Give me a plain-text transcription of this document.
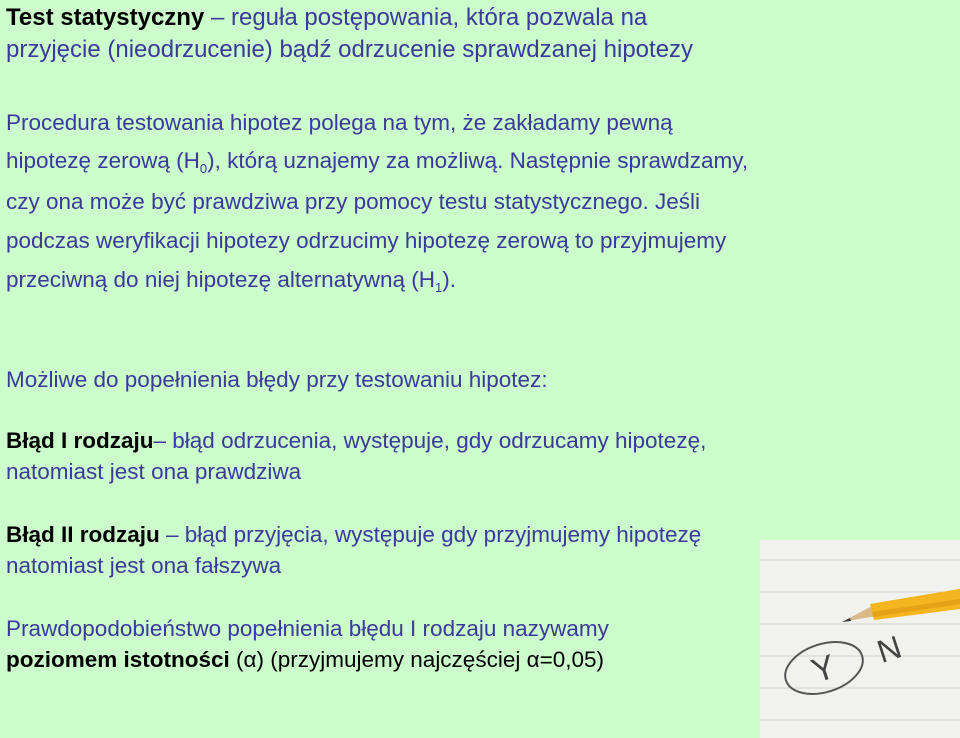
Test statystyczny – reguła postępowania, która pozwala na
przyjęcie (nieodrzucenie) bądź odrzucenie sprawdzanej hipotezy

Procedura testowania hipotez polega na tym, że zakładamy pewną

hipotezę zerową $(H_0)$, którą uznajemy za możliwą. Następnie sprawdzamy,

czy ona może być prawdziwa przy pomocy testu statystycznego. Jeśli

podczas weryfikacji hipotezy odrzucimy hipotezę zerową to przyjmujemy

przeciwną do niej hipotezę alternatywną $(H_1)$.

Możliwe do popełnienia błędy przy testowaniu hipotez:

Błąd I rodzaju– błąd odrzucenia, występuje, gdy odrzucamy hipotezę,

natomiast jest ona prawdziwa

Błąd II rodzaju – błąd przyjęcia, występuje gdy przyjmujemy hipotezę

natomiast jest ona fałszywa

Prawdopodobieństwo popełnienia błędu I rodzaju nazywamy

poziomem istotności (α) (przyjmujemy najczęściej α=0,05)	Y N
